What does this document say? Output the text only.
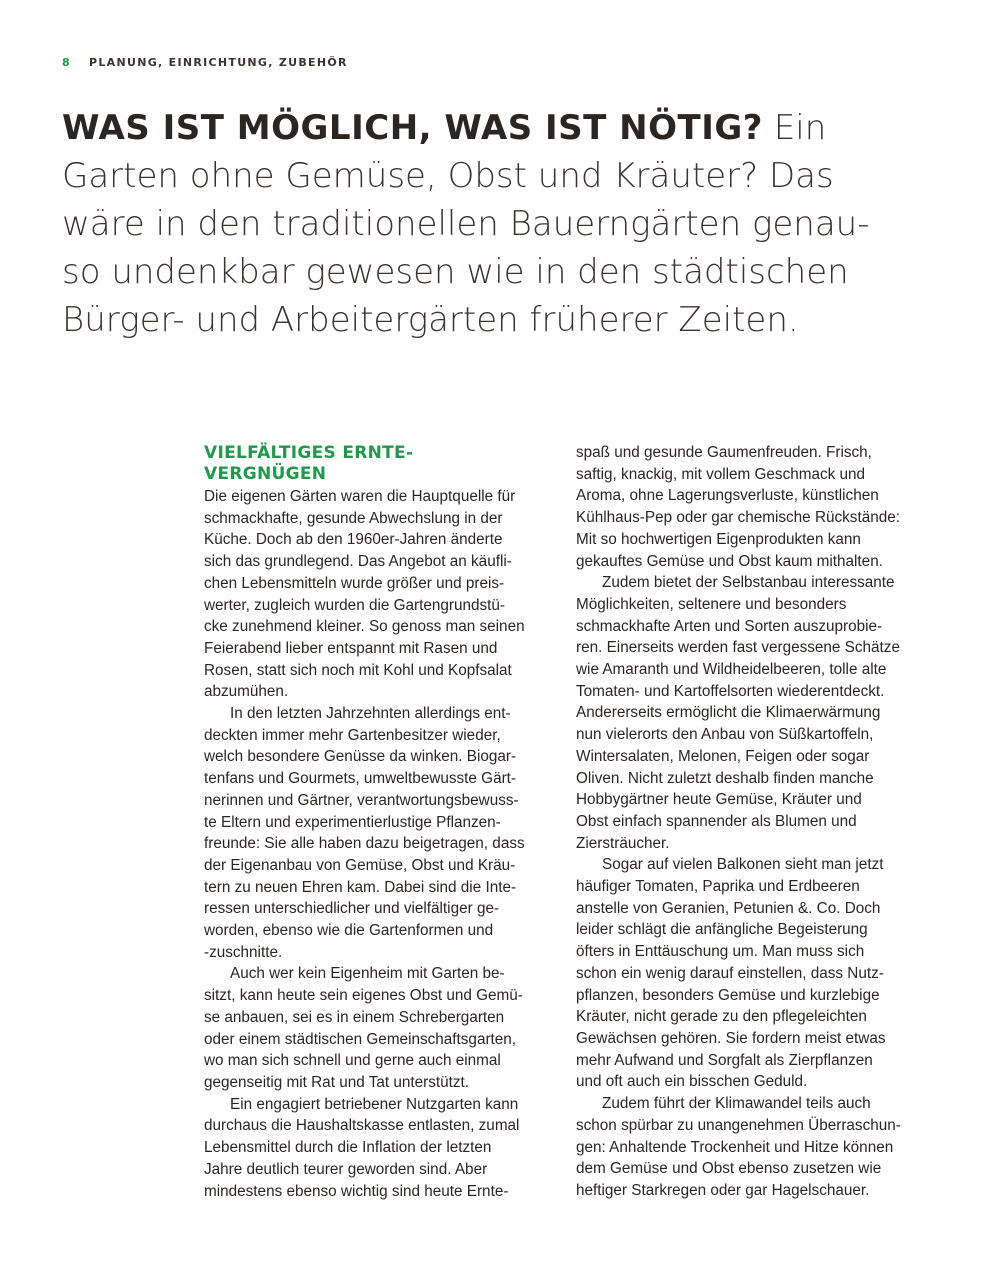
8 PLANUNG, EINRICHTUNG, ZUBEHÖR
WAS IST MÖGLICH, WAS IST NÖTIG? Ein
Garten ohne Gemüse, Obst und Kräuter? Das
wäre in den traditionellen Bauerngärten genau-
so undenkbar gewesen wie in den städtischen
Bürger- und Arbeitergärten früherer Zeiten.
VIELFÄLTIGES ERNTE-
VERGNÜGEN
Die eigenen Gärten waren die Hauptquelle für
schmackhafte, gesunde Abwechslung in der
Küche. Doch ab den 1960er-Jahren änderte
sich das grundlegend. Das Angebot an käufli-
chen Lebensmitteln wurde größer und preis-
werter, zugleich wurden die Gartengrundstü-
cke zunehmend kleiner. So genoss man seinen
Feierabend lieber entspannt mit Rasen und
Rosen, statt sich noch mit Kohl und Kopfsalat
abzumühen.
In den letzten Jahrzehnten allerdings ent-
deckten immer mehr Gartenbesitzer wieder,
welch besondere Genüsse da winken. Biogar-
tenfans und Gourmets, umweltbewusste Gärt-
nerinnen und Gärtner, verantwortungsbewuss-
te Eltern und experimentierlustige Pflanzen-
freunde: Sie alle haben dazu beigetragen, dass
der Eigenanbau von Gemüse, Obst und Kräu-
tern zu neuen Ehren kam. Dabei sind die Inte-
ressen unterschiedlicher und vielfältiger ge-
worden, ebenso wie die Gartenformen und
-zuschnitte.
Auch wer kein Eigenheim mit Garten be-
sitzt, kann heute sein eigenes Obst und Gemü-
se anbauen, sei es in einem Schrebergarten
oder einem städtischen Gemeinschaftsgarten,
wo man sich schnell und gerne auch einmal
gegenseitig mit Rat und Tat unterstützt.
Ein engagiert betriebener Nutzgarten kann
durchaus die Haushaltskasse entlasten, zumal
Lebensmittel durch die Inflation der letzten
Jahre deutlich teurer geworden sind. Aber
mindestens ebenso wichtig sind heute Ernte-
spaß und gesunde Gaumenfreuden. Frisch,
saftig, knackig, mit vollem Geschmack und
Aroma, ohne Lagerungsverluste, künstlichen
Kühlhaus-Pep oder gar chemische Rückstände:
Mit so hochwertigen Eigenprodukten kann
gekauftes Gemüse und Obst kaum mithalten.
Zudem bietet der Selbstanbau interessante
Möglichkeiten, seltenere und besonders
schmackhafte Arten und Sorten auszuprobie-
ren. Einerseits werden fast vergessene Schätze
wie Amaranth und Wildheidelbeeren, tolle alte
Tomaten- und Kartoffelsorten wiederentdeckt.
Andererseits ermöglicht die Klimaerwärmung
nun vielerorts den Anbau von Süßkartoffeln,
Wintersalaten, Melonen, Feigen oder sogar
Oliven. Nicht zuletzt deshalb finden manche
Hobbygärtner heute Gemüse, Kräuter und
Obst einfach spannender als Blumen und
Ziersträucher.
Sogar auf vielen Balkonen sieht man jetzt
häufiger Tomaten, Paprika und Erdbeeren
anstelle von Geranien, Petunien &. Co. Doch
leider schlägt die anfängliche Begeisterung
öfters in Enttäuschung um. Man muss sich
schon ein wenig darauf einstellen, dass Nutz-
pflanzen, besonders Gemüse und kurzlebige
Kräuter, nicht gerade zu den pflegeleichten
Gewächsen gehören. Sie fordern meist etwas
mehr Aufwand und Sorgfalt als Zierpflanzen
und oft auch ein bisschen Geduld.
Zudem führt der Klimawandel teils auch
schon spürbar zu unangenehmen Überraschun-
gen: Anhaltende Trockenheit und Hitze können
dem Gemüse und Obst ebenso zusetzen wie
heftiger Starkregen oder gar Hagelschauer.
